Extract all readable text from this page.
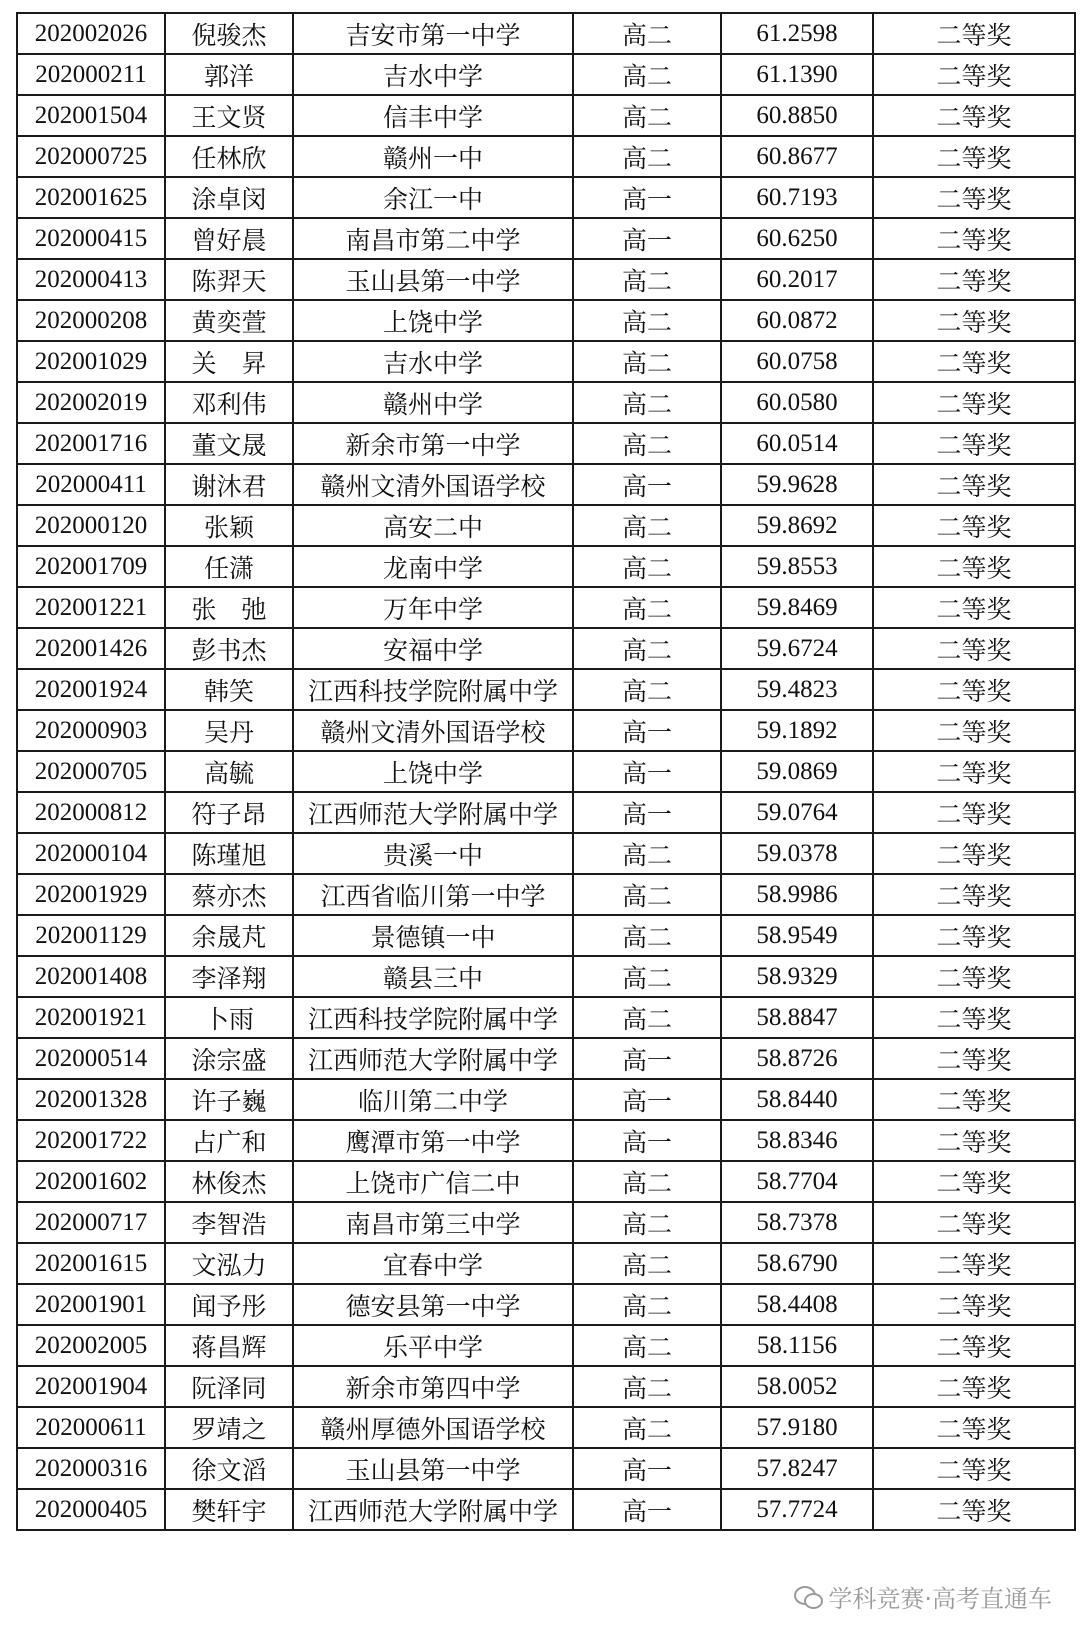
202002026	倪骏杰	吉安市第一中学	高二	61.2598	二等奖
202000211	郭洋	吉水中学	高二	61.1390	二等奖
202001504	王文贤	信丰中学	高二	60.8850	二等奖
202000725	任林欣	赣州一中	高二	60.8677	二等奖
202001625	涂卓闵	余江一中	高一	60.7193	二等奖
202000415	曾好晨	南昌市第二中学	高一	60.6250	二等奖
202000413	陈羿天	玉山县第一中学	高二	60.2017	二等奖
202000208	黄奕萱	上饶中学	高二	60.0872	二等奖
202001029	关　昇	吉水中学	高二	60.0758	二等奖
202002019	邓利伟	赣州中学	高二	60.0580	二等奖
202001716	董文晟	新余市第一中学	高二	60.0514	二等奖
202000411	谢沐君	赣州文清外国语学校	高一	59.9628	二等奖
202000120	张颖	高安二中	高二	59.8692	二等奖
202001709	任潇	龙南中学	高二	59.8553	二等奖
202001221	张　弛	万年中学	高二	59.8469	二等奖
202001426	彭书杰	安福中学	高二	59.6724	二等奖
202001924	韩笑	江西科技学院附属中学	高二	59.4823	二等奖
202000903	吴丹	赣州文清外国语学校	高一	59.1892	二等奖
202000705	高毓	上饶中学	高一	59.0869	二等奖
202000812	符子昂	江西师范大学附属中学	高一	59.0764	二等奖
202000104	陈瑾旭	贵溪一中	高二	59.0378	二等奖
202001929	蔡亦杰	江西省临川第一中学	高二	58.9986	二等奖
202001129	余晟芃	景德镇一中	高二	58.9549	二等奖
202001408	李泽翔	赣县三中	高二	58.9329	二等奖
202001921	卜雨	江西科技学院附属中学	高二	58.8847	二等奖
202000514	涂宗盛	江西师范大学附属中学	高一	58.8726	二等奖
202001328	许子巍	临川第二中学	高一	58.8440	二等奖
202001722	占广和	鹰潭市第一中学	高一	58.8346	二等奖
202001602	林俊杰	上饶市广信二中	高二	58.7704	二等奖
202000717	李智浩	南昌市第三中学	高二	58.7378	二等奖
202001615	文泓力	宜春中学	高二	58.6790	二等奖
202001901	闻予彤	德安县第一中学	高二	58.4408	二等奖
202002005	蒋昌辉	乐平中学	高二	58.1156	二等奖
202001904	阮泽同	新余市第四中学	高二	58.0052	二等奖
202000611	罗靖之	赣州厚德外国语学校	高二	57.9180	二等奖
202000316	徐文滔	玉山县第一中学	高一	57.8247	二等奖
202000405	樊轩宇	江西师范大学附属中学	高一	57.7724	二等奖
学科竞赛·高考直通车
